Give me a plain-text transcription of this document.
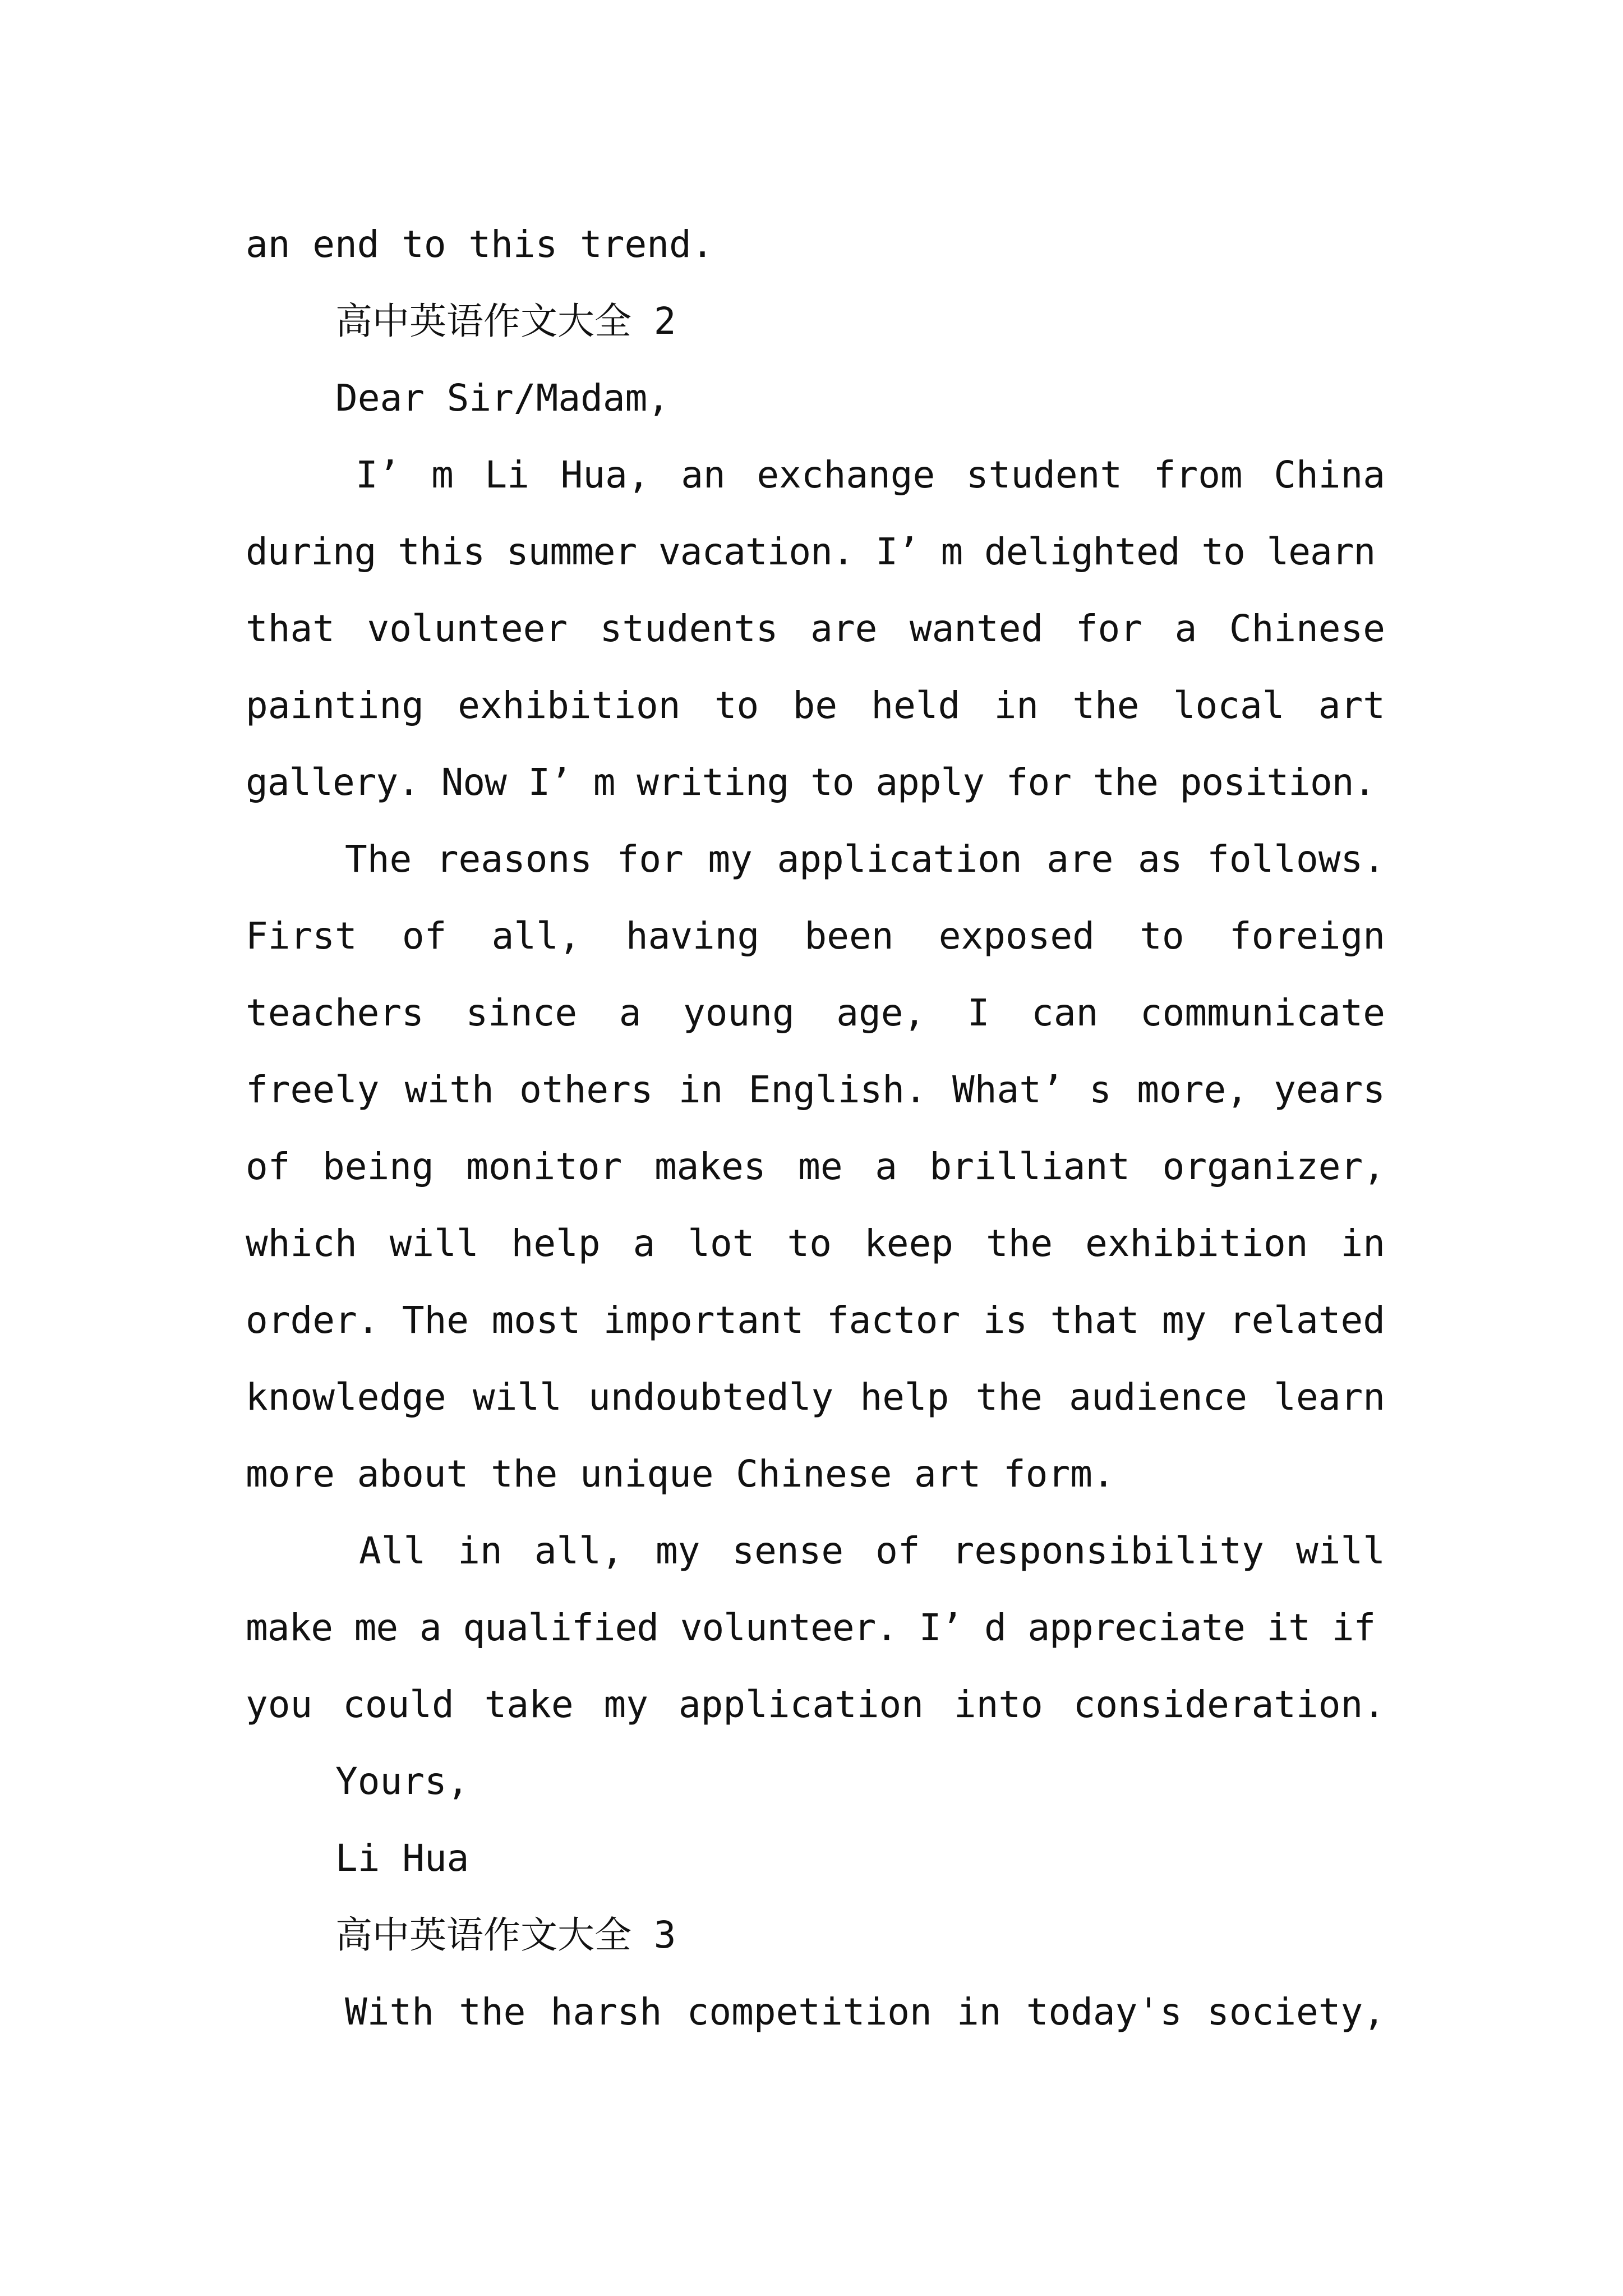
an end to this trend.
高中英语作文大全 2
Dear Sir/Madam,
I’ m Li Hua, an exchange student from China
during this summer vacation. I’ m delighted to learn
that volunteer students are wanted for a Chinese
painting exhibition to be held in the local art
gallery. Now I’ m writing to apply for the position.
The reasons for my application are as follows.
First of all, having been exposed to foreign
teachers since a young age, I can communicate
freely with others in English. What’ s more, years
of being monitor makes me a brilliant organizer,
which will help a lot to keep the exhibition in
order. The most important factor is that my related
knowledge will undoubtedly help the audience learn
more about the unique Chinese art form.
All in all, my sense of responsibility will
make me a qualified volunteer. I’ d appreciate it if
you could take my application into consideration.
Yours,
Li Hua
高中英语作文大全 3
With the harsh competition in today's society,
